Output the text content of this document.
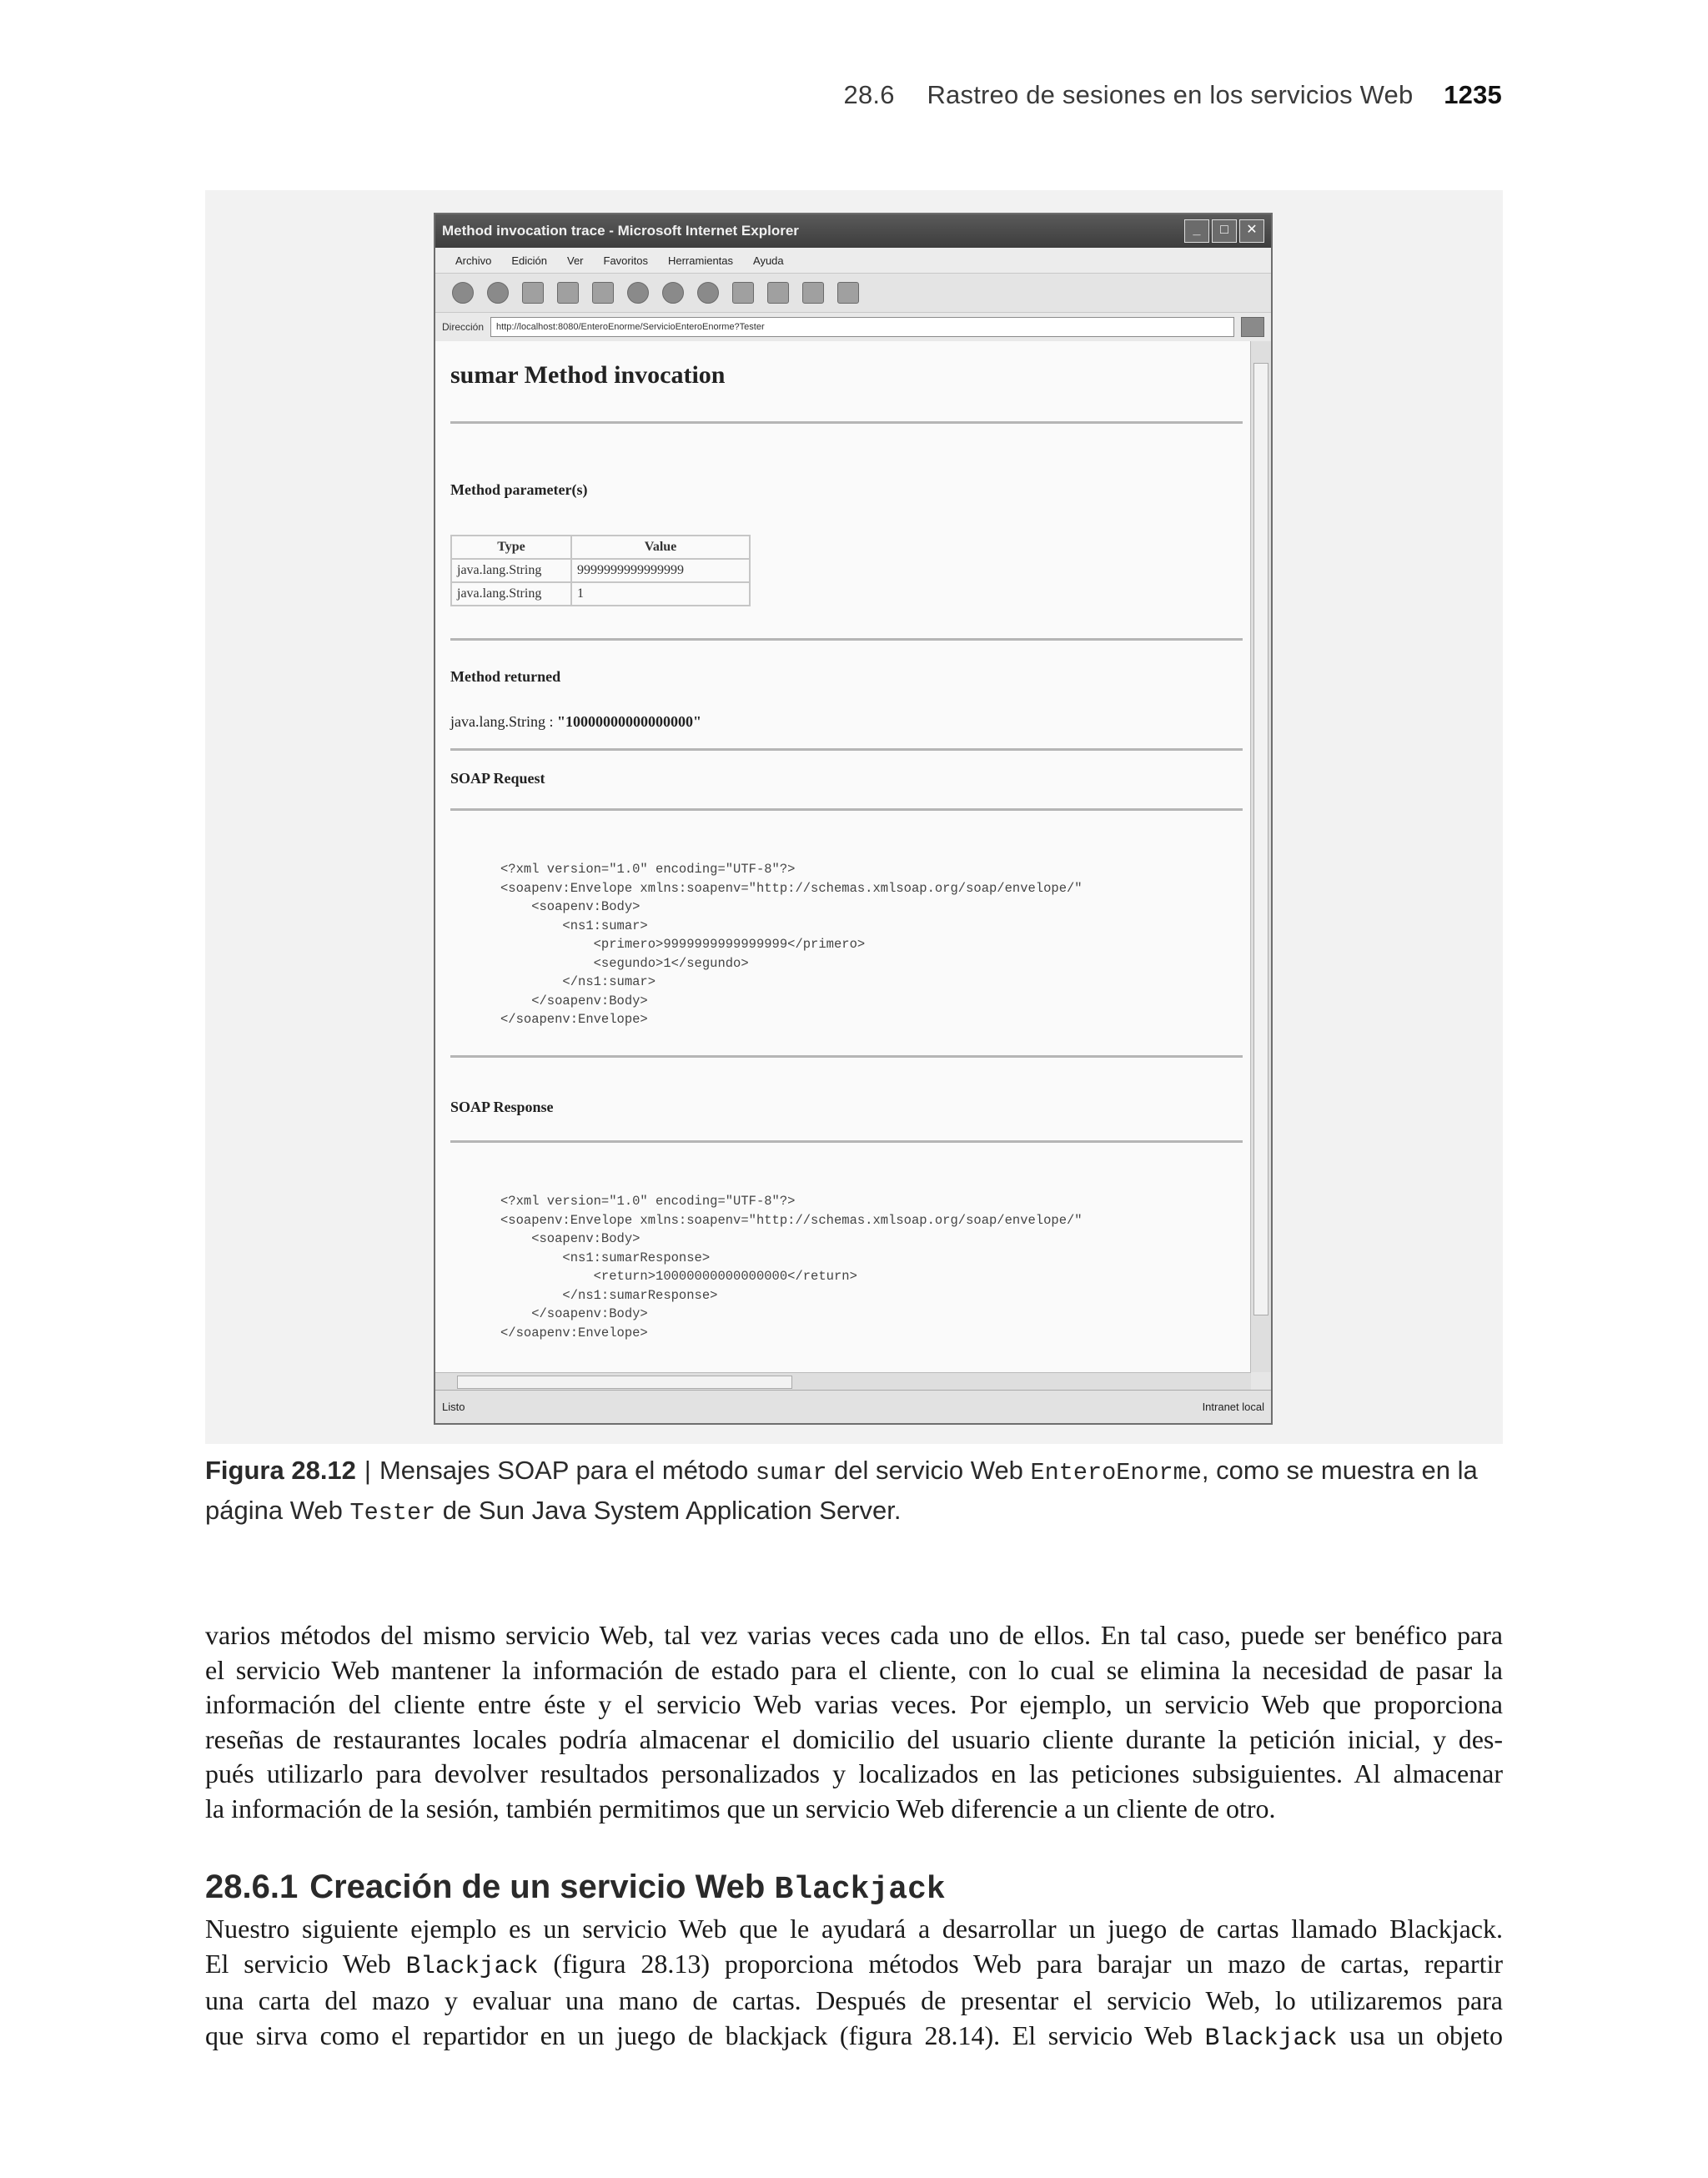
28.6 Rastreo de sesiones en los servicios Web 1235
Method invocation trace - Microsoft Internet Explorer	_	□	✕
Archivo Edición Ver Favoritos Herramientas Ayuda
Dirección	http://localhost:8080/EnteroEnorme/ServicioEnteroEnorme?Tester
sumar Method invocation
Method parameter(s)
Type	Value
java.lang.String	9999999999999999
java.lang.String	1
Method returned
java.lang.String : "10000000000000000"
SOAP Request
<?xml version="1.0" encoding="UTF-8"?>
<soapenv:Envelope xmlns:soapenv="http://schemas.xmlsoap.org/soap/envelope/"
<soapenv:Body>
<ns1:sumar>
<primero>9999999999999999</primero>
<segundo>1</segundo>
</ns1:sumar>
</soapenv:Body>
</soapenv:Envelope>
SOAP Response
<?xml version="1.0" encoding="UTF-8"?>
<soapenv:Envelope xmlns:soapenv="http://schemas.xmlsoap.org/soap/envelope/"
<soapenv:Body>
<ns1:sumarResponse>
<return>10000000000000000</return>
</ns1:sumarResponse>
</soapenv:Body>
</soapenv:Envelope>
Listo	Intranet local
Figura 28.12 | Mensajes SOAP para el método sumar del servicio Web EnteroEnorme, como se muestra en la
página Web Tester de Sun Java System Application Server.

varios métodos del mismo servicio Web, tal vez varias veces cada uno de ellos. En tal caso, puede ser benéfico para
el servicio Web mantener la información de estado para el cliente, con lo cual se elimina la necesidad de pasar la
información del cliente entre éste y el servicio Web varias veces. Por ejemplo, un servicio Web que proporciona
reseñas de restaurantes locales podría almacenar el domicilio del usuario cliente durante la petición inicial, y des-
pués utilizarlo para devolver resultados personalizados y localizados en las peticiones subsiguientes. Al almacenar
la información de la sesión, también permitimos que un servicio Web diferencie a un cliente de otro.

28.6.1 Creación de un servicio Web Blackjack

Nuestro siguiente ejemplo es un servicio Web que le ayudará a desarrollar un juego de cartas llamado Blackjack.
El servicio Web Blackjack (figura 28.13) proporciona métodos Web para barajar un mazo de cartas, repartir
una carta del mazo y evaluar una mano de cartas. Después de presentar el servicio Web, lo utilizaremos para
que sirva como el repartidor en un juego de blackjack (figura 28.14). El servicio Web Blackjack usa un objeto
